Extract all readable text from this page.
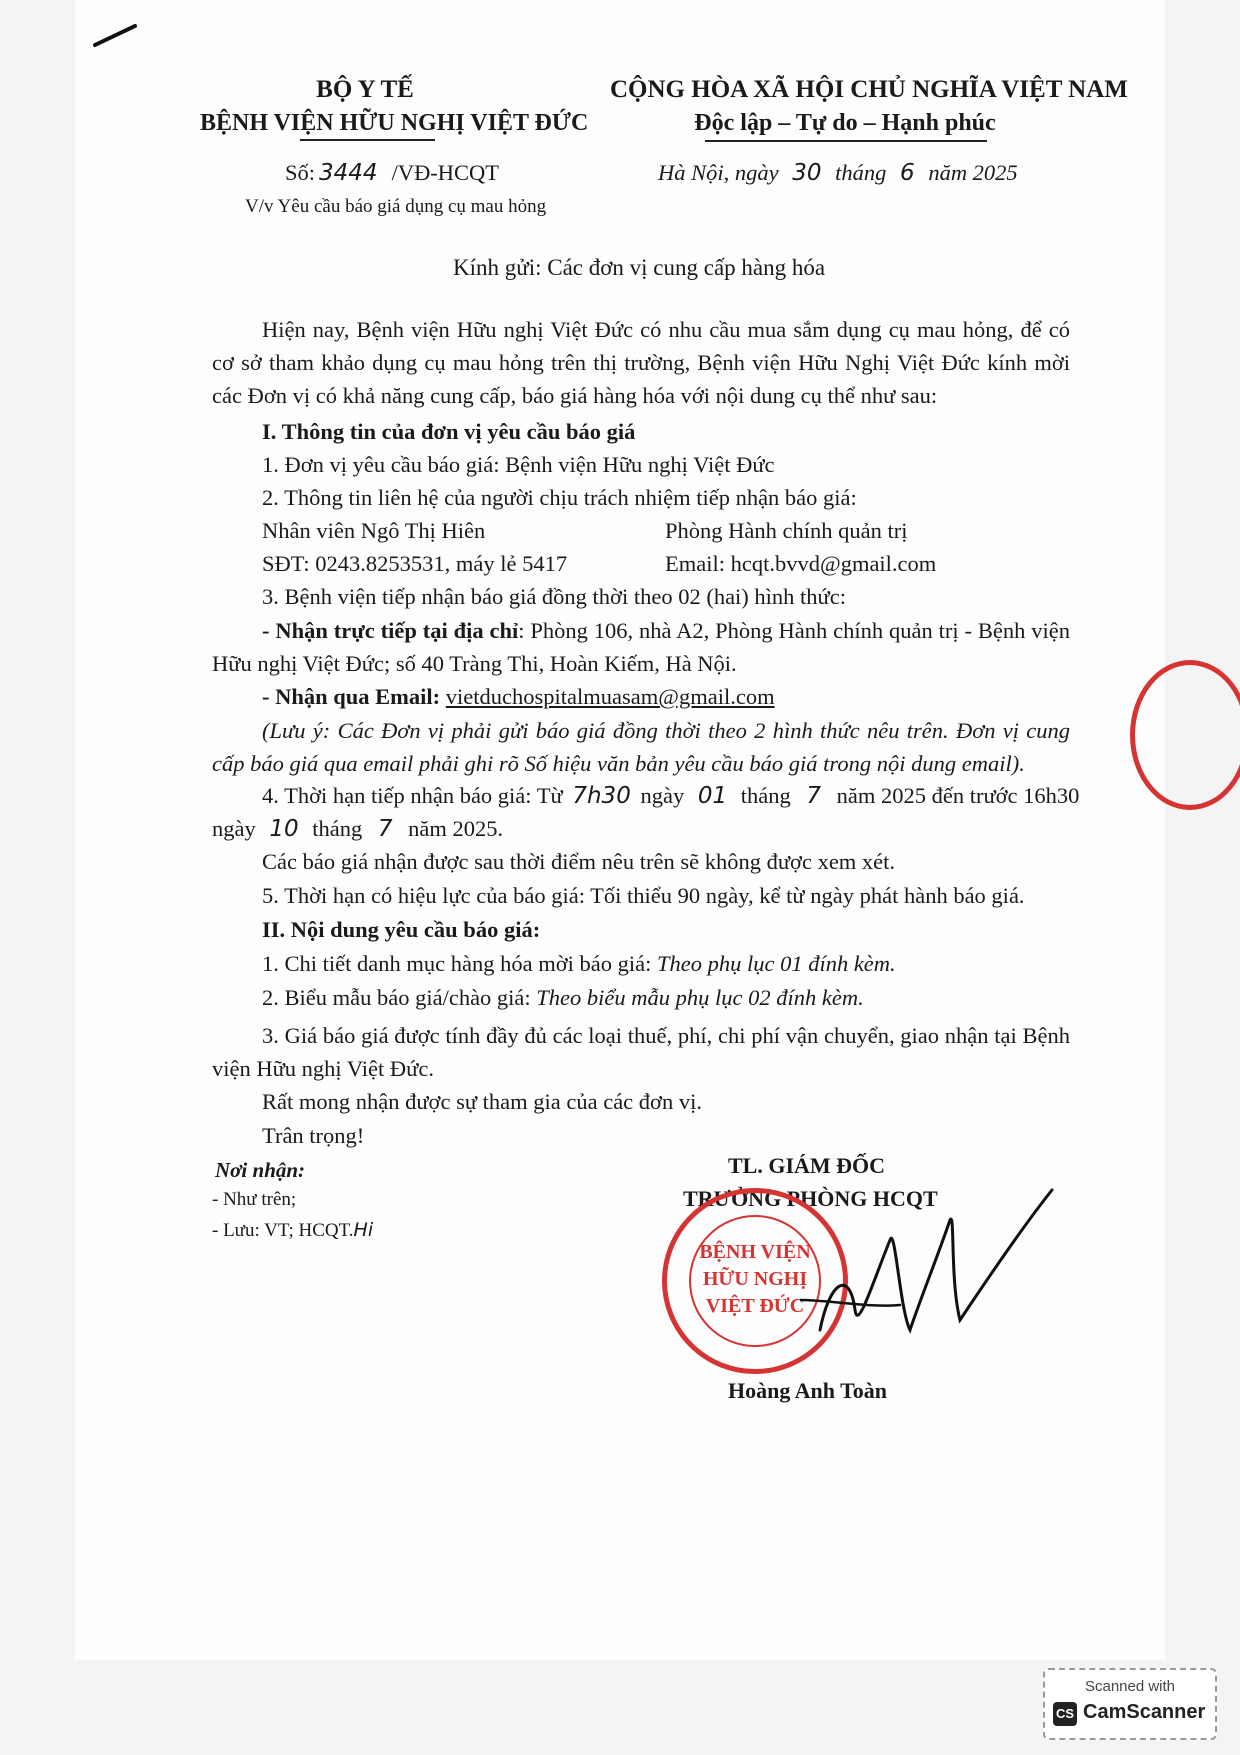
BỘ Y TẾ
BỆNH VIỆN HỮU NGHỊ VIỆT ĐỨC
Số: 3444 /VĐ-HCQT
V/v Yêu cầu báo giá dụng cụ mau hỏng
CỘNG HÒA XÃ HỘI CHỦ NGHĨA VIỆT NAM
Độc lập – Tự do – Hạnh phúc
Hà Nội, ngày 30 tháng 6 năm 2025
Kính gửi: Các đơn vị cung cấp hàng hóa
Hiện nay, Bệnh viện Hữu nghị Việt Đức có nhu cầu mua sắm dụng cụ mau hỏng, để có cơ sở tham khảo dụng cụ mau hỏng trên thị trường, Bệnh viện Hữu Nghị Việt Đức kính mời các Đơn vị có khả năng cung cấp, báo giá hàng hóa với nội dung cụ thể như sau:
I. Thông tin của đơn vị yêu cầu báo giá
1. Đơn vị yêu cầu báo giá: Bệnh viện Hữu nghị Việt Đức
2. Thông tin liên hệ của người chịu trách nhiệm tiếp nhận báo giá:
Nhân viên Ngô Thị Hiên	Phòng Hành chính quản trị
SĐT: 0243.8253531, máy lẻ 5417	Email: hcqt.bvvd@gmail.com
3. Bệnh viện tiếp nhận báo giá đồng thời theo 02 (hai) hình thức:
- Nhận trực tiếp tại địa chỉ: Phòng 106, nhà A2, Phòng Hành chính quản trị - Bệnh viện Hữu nghị Việt Đức; số 40 Tràng Thi, Hoàn Kiếm, Hà Nội.
- Nhận qua Email: vietduchospitalmuasam@gmail.com
(Lưu ý: Các Đơn vị phải gửi báo giá đồng thời theo 2 hình thức nêu trên. Đơn vị cung cấp báo giá qua email phải ghi rõ Số hiệu văn bản yêu cầu báo giá trong nội dung email).
4. Thời hạn tiếp nhận báo giá: Từ 7h30 ngày 01 tháng 7 năm 2025 đến trước 16h30
ngày 10 tháng 7 năm 2025.
Các báo giá nhận được sau thời điểm nêu trên sẽ không được xem xét.
5. Thời hạn có hiệu lực của báo giá: Tối thiểu 90 ngày, kể từ ngày phát hành báo giá.
II. Nội dung yêu cầu báo giá:
1. Chi tiết danh mục hàng hóa mời báo giá: Theo phụ lục 01 đính kèm.
2. Biểu mẫu báo giá/chào giá: Theo biểu mẫu phụ lục 02 đính kèm.
3. Giá báo giá được tính đầy đủ các loại thuế, phí, chi phí vận chuyển, giao nhận tại Bệnh viện Hữu nghị Việt Đức.
Rất mong nhận được sự tham gia của các đơn vị.
Trân trọng!
Nơi nhận:
- Như trên;
- Lưu: VT; HCQT.Hi
TL. GIÁM ĐỐC
TRƯỞNG PHÒNG HCQT
BỆNH VIỆN
HỮU NGHỊ
VIỆT ĐỨC
Hoàng Anh Toàn
Scanned with
CS CamScanner
